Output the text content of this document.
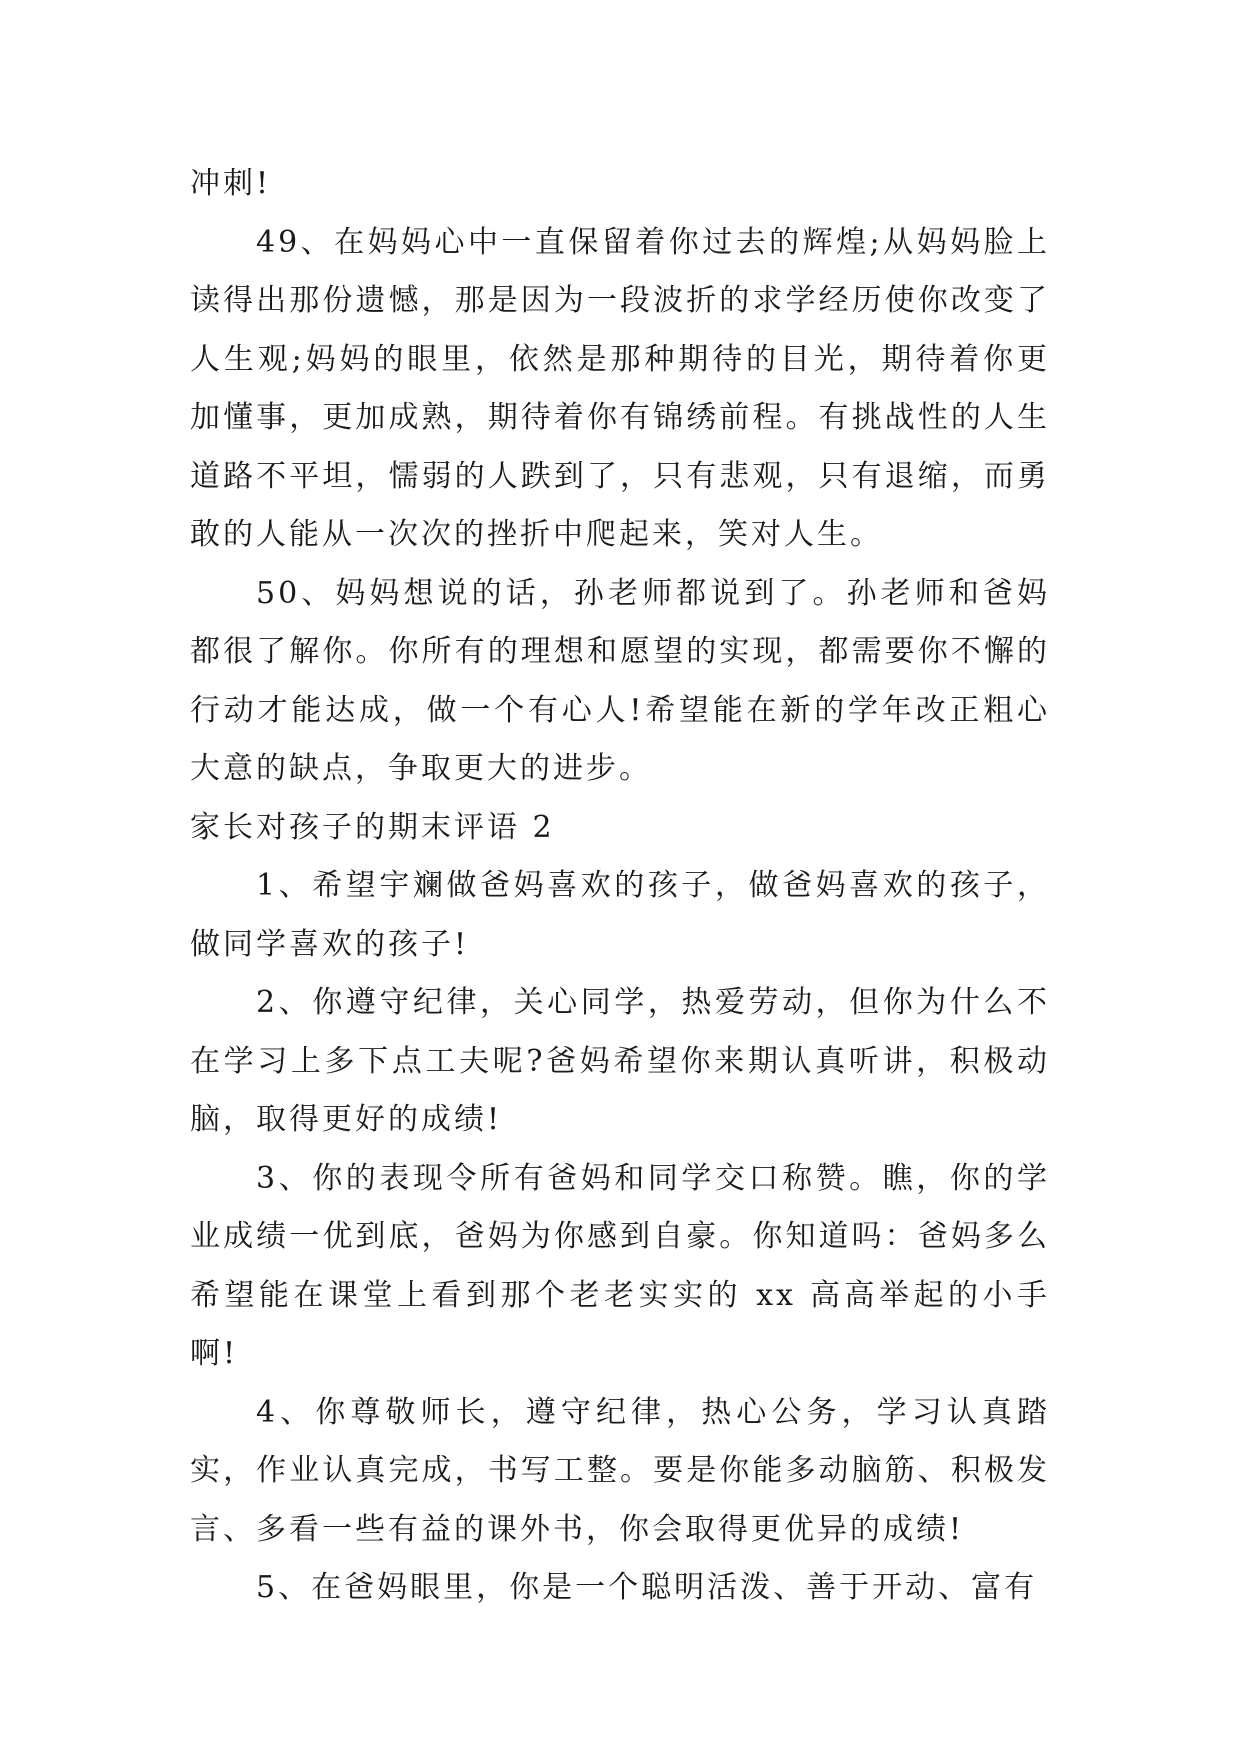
冲刺!

49、在妈妈心中一直保留着你过去的辉煌;从妈妈脸上读得出那份遗憾，那是因为一段波折的求学经历使你改变了人生观;妈妈的眼里，依然是那种期待的目光，期待着你更加懂事，更加成熟，期待着你有锦绣前程。有挑战性的人生道路不平坦，懦弱的人跌到了，只有悲观，只有退缩，而勇敢的人能从一次次的挫折中爬起来，笑对人生。

50、妈妈想说的话，孙老师都说到了。孙老师和爸妈都很了解你。你所有的理想和愿望的实现，都需要你不懈的行动才能达成，做一个有心人!希望能在新的学年改正粗心大意的缺点，争取更大的进步。

家长对孩子的期末评语 2

1、希望宇斓做爸妈喜欢的孩子，做爸妈喜欢的孩子，做同学喜欢的孩子!

2、你遵守纪律，关心同学，热爱劳动，但你为什么不在学习上多下点工夫呢?爸妈希望你来期认真听讲，积极动脑，取得更好的成绩!

3、你的表现令所有爸妈和同学交口称赞。瞧，你的学业成绩一优到底，爸妈为你感到自豪。你知道吗：爸妈多么希望能在课堂上看到那个老老实实的 xx 高高举起的小手啊!

4、你尊敬师长，遵守纪律，热心公务，学习认真踏实，作业认真完成，书写工整。要是你能多动脑筋、积极发言、多看一些有益的课外书，你会取得更优异的成绩!

5、在爸妈眼里，你是一个聪明活泼、善于开动、富有
